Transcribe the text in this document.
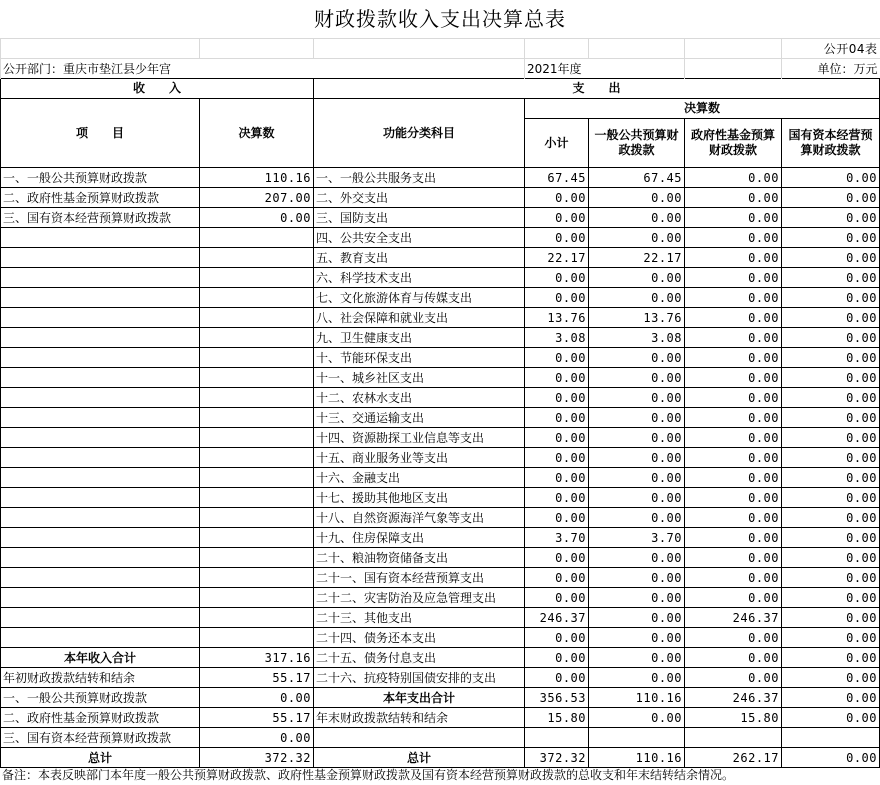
财政拨款收入支出决算总表
						公开04表
公开部门：重庆市垫江县少年宫			2021年度			单位：万元
收　　入		支　　出				
项　　目	决算数	功能分类科目	决算数			
			小计	一般公共预算财政拨款	政府性基金预算财政拨款	国有资本经营预算财政拨款

一、一般公共预算财政拨款	110.16	一、一般公共服务支出	67.45	67.45	0.00	0.00
二、政府性基金预算财政拨款	207.00	二、外交支出	0.00	0.00	0.00	0.00
三、国有资本经营预算财政拨款	0.00	三、国防支出	0.00	0.00	0.00	0.00
		四、公共安全支出	0.00	0.00	0.00	0.00
		五、教育支出	22.17	22.17	0.00	0.00
		六、科学技术支出	0.00	0.00	0.00	0.00
		七、文化旅游体育与传媒支出	0.00	0.00	0.00	0.00
		八、社会保障和就业支出	13.76	13.76	0.00	0.00
		九、卫生健康支出	3.08	3.08	0.00	0.00
		十、节能环保支出	0.00	0.00	0.00	0.00
		十一、城乡社区支出	0.00	0.00	0.00	0.00
		十二、农林水支出	0.00	0.00	0.00	0.00
		十三、交通运输支出	0.00	0.00	0.00	0.00
		十四、资源勘探工业信息等支出	0.00	0.00	0.00	0.00
		十五、商业服务业等支出	0.00	0.00	0.00	0.00
		十六、金融支出	0.00	0.00	0.00	0.00
		十七、援助其他地区支出	0.00	0.00	0.00	0.00
		十八、自然资源海洋气象等支出	0.00	0.00	0.00	0.00
		十九、住房保障支出	3.70	3.70	0.00	0.00
		二十、粮油物资储备支出	0.00	0.00	0.00	0.00
		二十一、国有资本经营预算支出	0.00	0.00	0.00	0.00
		二十二、灾害防治及应急管理支出	0.00	0.00	0.00	0.00
		二十三、其他支出	246.37	0.00	246.37	0.00
		二十四、债务还本支出	0.00	0.00	0.00	0.00
本年收入合计	317.16	二十五、债务付息支出	0.00	0.00	0.00	0.00
年初财政拨款结转和结余	55.17	二十六、抗疫特别国债安排的支出	0.00	0.00	0.00	0.00
一、一般公共预算财政拨款	0.00	本年支出合计	356.53	110.16	246.37	0.00
二、政府性基金预算财政拨款	55.17	年末财政拨款结转和结余	15.80	0.00	15.80	0.00
三、国有资本经营预算财政拨款	0.00					
总计	372.32	总计	372.32	110.16	262.17	0.00
备注：本表反映部门本年度一般公共预算财政拨款、政府性基金预算财政拨款及国有资本经营预算财政拨款的总收支和年末结转结余情况。
